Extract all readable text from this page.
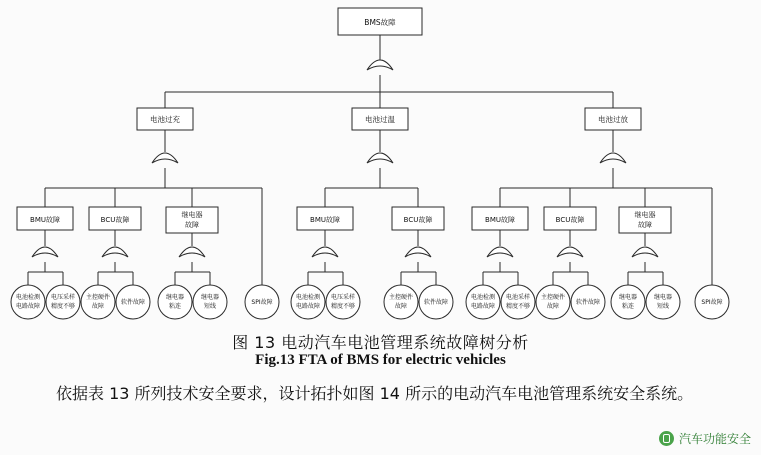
BMS故障
电池过充	电池过温	电池过放
BMU故障	BCU故障
继电器
故障
BMU故障	BCU故障	BMU故障	BCU故障
继电器
故障
电池检测
电路故障
电压采样
精度不够
主控硬件
故障
软件故障
继电器
粘连
继电器
短线
SPI故障
电池检测
电路故障
电压采样
精度不够
主控硬件
故障
软件故障
电池检测
电路故障
电池采样
精度不够
主控硬件
故障
软件故障
继电器
粘连
继电器
短线
SPI故障
图 13 电动汽车电池管理系统故障树分析
Fig.13 FTA of BMS for electric vehicles
依据表 13 所列技术安全要求，设计拓扑如图 14 所示的电动汽车电池管理系统安全系统。
汽车功能安全
